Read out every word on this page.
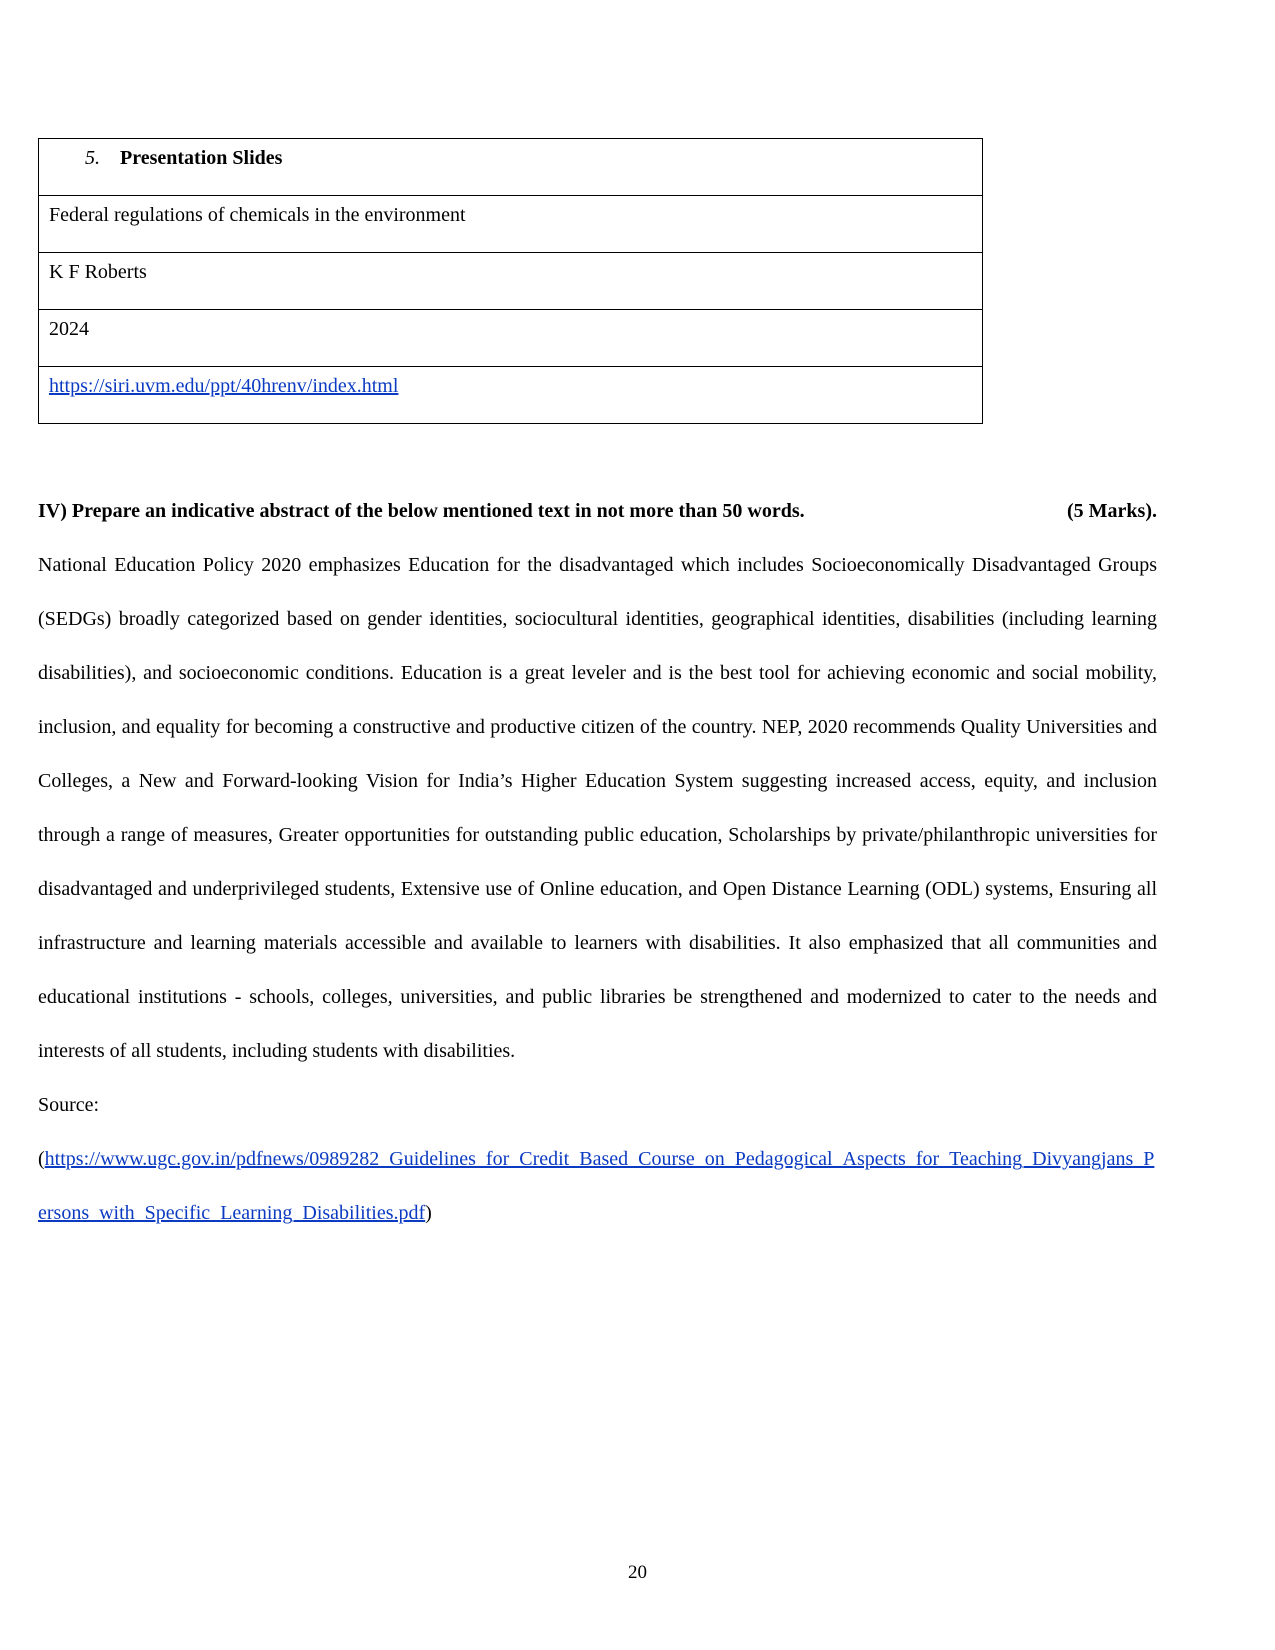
5. Presentation Slides
Federal regulations of chemicals in the environment
K F Roberts
2024
https://siri.uvm.edu/ppt/40hrenv/index.html
IV) Prepare an indicative abstract of the below mentioned text in not more than 50 words.	(5 Marks).

National Education Policy 2020 emphasizes Education for the disadvantaged which includes Socioeconomically Disadvantaged Groups (SEDGs) broadly categorized based on gender identities, sociocultural identities, geographical identities, disabilities (including learning disabilities), and socioeconomic conditions. Education is a great leveler and is the best tool for achieving economic and social mobility, inclusion, and equality for becoming a constructive and productive citizen of the country. NEP, 2020 recommends Quality Universities and Colleges, a New and Forward-looking Vision for India’s Higher Education System suggesting increased access, equity, and inclusion through a range of measures, Greater opportunities for outstanding public education, Scholarships by private/philanthropic universities for disadvantaged and underprivileged students, Extensive use of Online education, and Open Distance Learning (ODL) systems, Ensuring all infrastructure and learning materials accessible and available to learners with disabilities. It also emphasized that all communities and educational institutions - schools, colleges, universities, and public libraries be strengthened and modernized to cater to the needs and interests of all students, including students with disabilities.

Source:

(https://www.ugc.gov.in/pdfnews/0989282_Guidelines_for_Credit_Based_Course_on_Pedagogical_Aspects_for_Teaching_Divyangjans_Persons_with_Specific_Learning_Disabilities.pdf)

20
